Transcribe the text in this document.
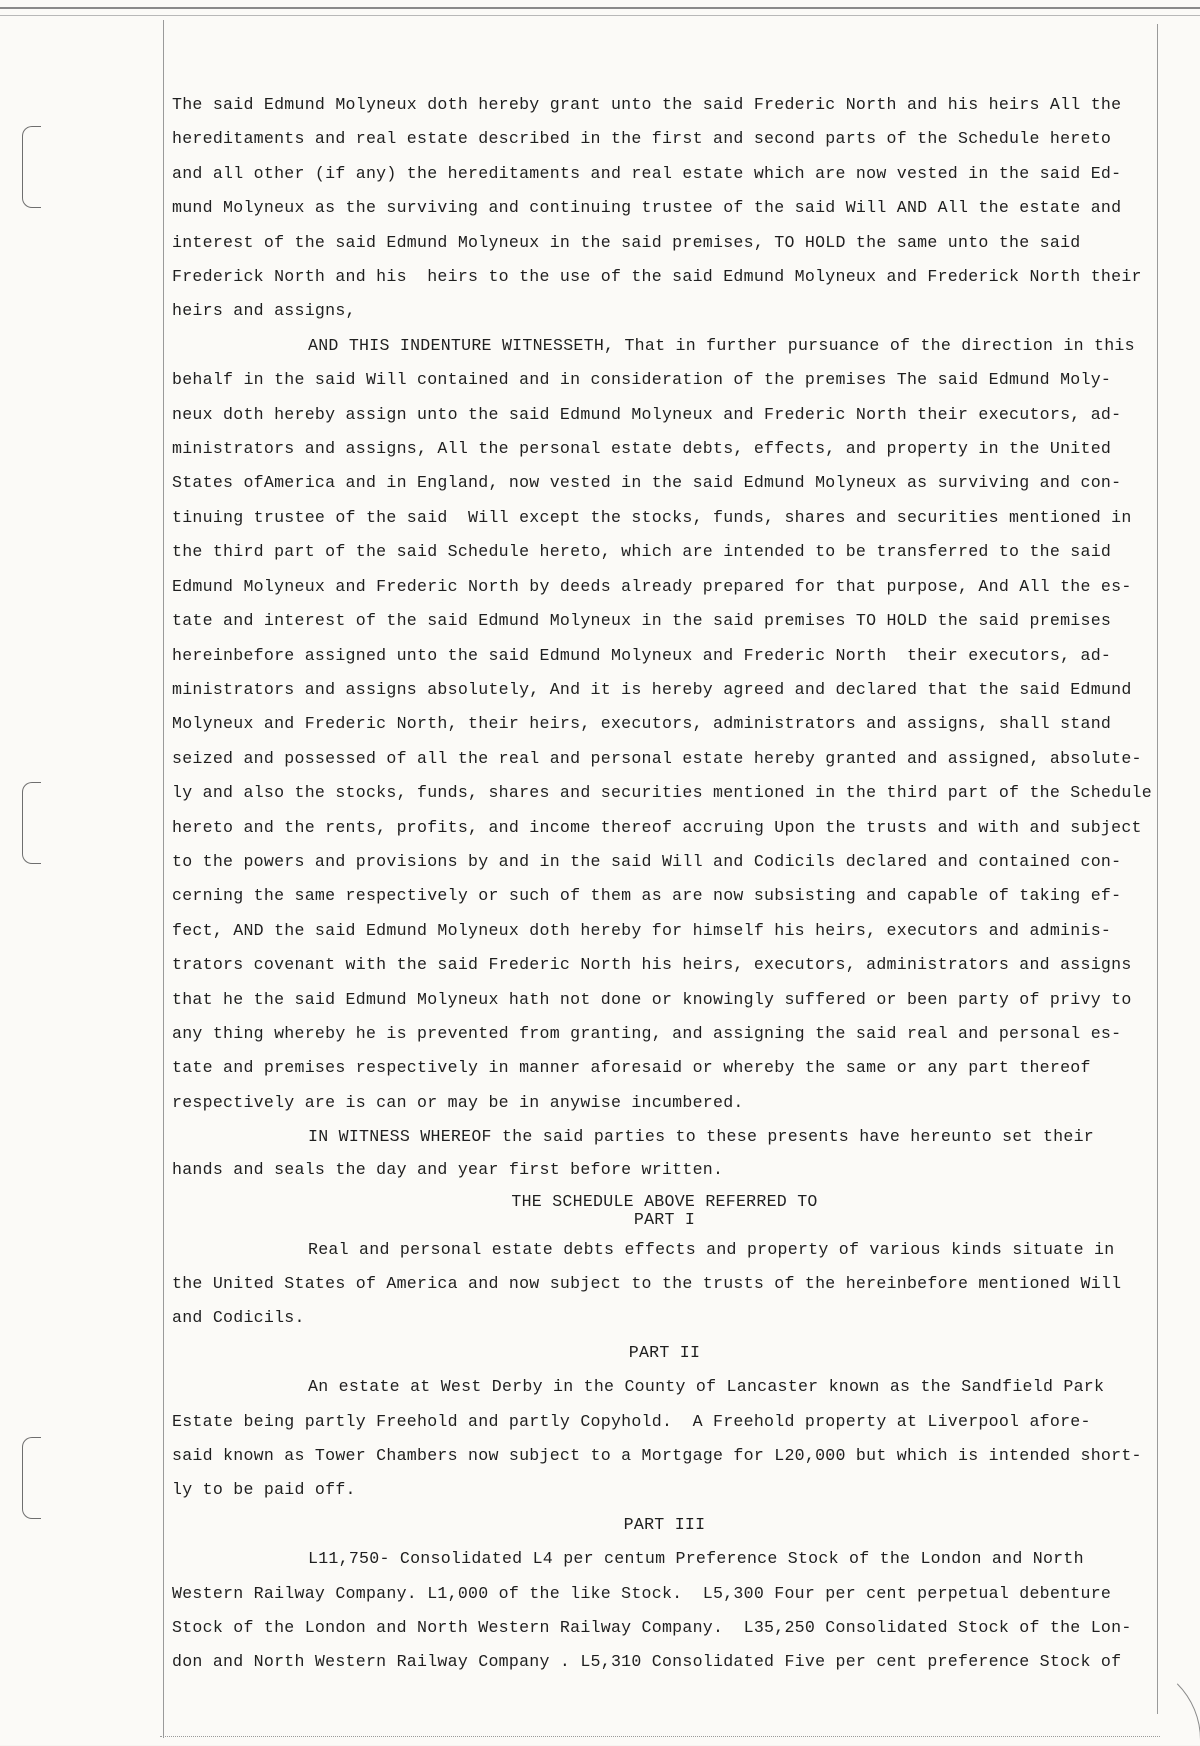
The said Edmund Molyneux doth hereby grant unto the said Frederic North and his heirs All the
hereditaments and real estate described in the first and second parts of the Schedule hereto
and all other (if any) the hereditaments and real estate which are now vested in the said Ed-
mund Molyneux as the surviving and continuing trustee of the said Will AND All the estate and
interest of the said Edmund Molyneux in the said premises, TO HOLD the same unto the said
Frederick North and his  heirs to the use of the said Edmund Molyneux and Frederick North their
heirs and assigns,
AND THIS INDENTURE WITNESSETH, That in further pursuance of the direction in this
behalf in the said Will contained and in consideration of the premises The said Edmund Moly-
neux doth hereby assign unto the said Edmund Molyneux and Frederic North their executors, ad-
ministrators and assigns, All the personal estate debts, effects, and property in the United
States ofAmerica and in England, now vested in the said Edmund Molyneux as surviving and con-
tinuing trustee of the said  Will except the stocks, funds, shares and securities mentioned in
the third part of the said Schedule hereto, which are intended to be transferred to the said
Edmund Molyneux and Frederic North by deeds already prepared for that purpose, And All the es-
tate and interest of the said Edmund Molyneux in the said premises TO HOLD the said premises
hereinbefore assigned unto the said Edmund Molyneux and Frederic North  their executors, ad-
ministrators and assigns absolutely, And it is hereby agreed and declared that the said Edmund
Molyneux and Frederic North, their heirs, executors, administrators and assigns, shall stand
seized and possessed of all the real and personal estate hereby granted and assigned, absolute-
ly and also the stocks, funds, shares and securities mentioned in the third part of the Schedule
hereto and the rents, profits, and income thereof accruing Upon the trusts and with and subject
to the powers and provisions by and in the said Will and Codicils declared and contained con-
cerning the same respectively or such of them as are now subsisting and capable of taking ef-
fect, AND the said Edmund Molyneux doth hereby for himself his heirs, executors and adminis-
trators covenant with the said Frederic North his heirs, executors, administrators and assigns
that he the said Edmund Molyneux hath not done or knowingly suffered or been party of privy to
any thing whereby he is prevented from granting, and assigning the said real and personal es-
tate and premises respectively in manner aforesaid or whereby the same or any part thereof
respectively are is can or may be in anywise incumbered.
IN WITNESS WHEREOF the said parties to these presents have hereunto set their
hands and seals the day and year first before written.
THE SCHEDULE ABOVE REFERRED TO
PART I
Real and personal estate debts effects and property of various kinds situate in
the United States of America and now subject to the trusts of the hereinbefore mentioned Will
and Codicils.
PART II
An estate at West Derby in the County of Lancaster known as the Sandfield Park
Estate being partly Freehold and partly Copyhold.  A Freehold property at Liverpool afore-
said known as Tower Chambers now subject to a Mortgage for L20,000 but which is intended short-
ly to be paid off.
PART III
L11,750- Consolidated L4 per centum Preference Stock of the London and North
Western Railway Company. L1,000 of the like Stock.  L5,300 Four per cent perpetual debenture
Stock of the London and North Western Railway Company.  L35,250 Consolidated Stock of the Lon-
don and North Western Railway Company . L5,310 Consolidated Five per cent preference Stock of
